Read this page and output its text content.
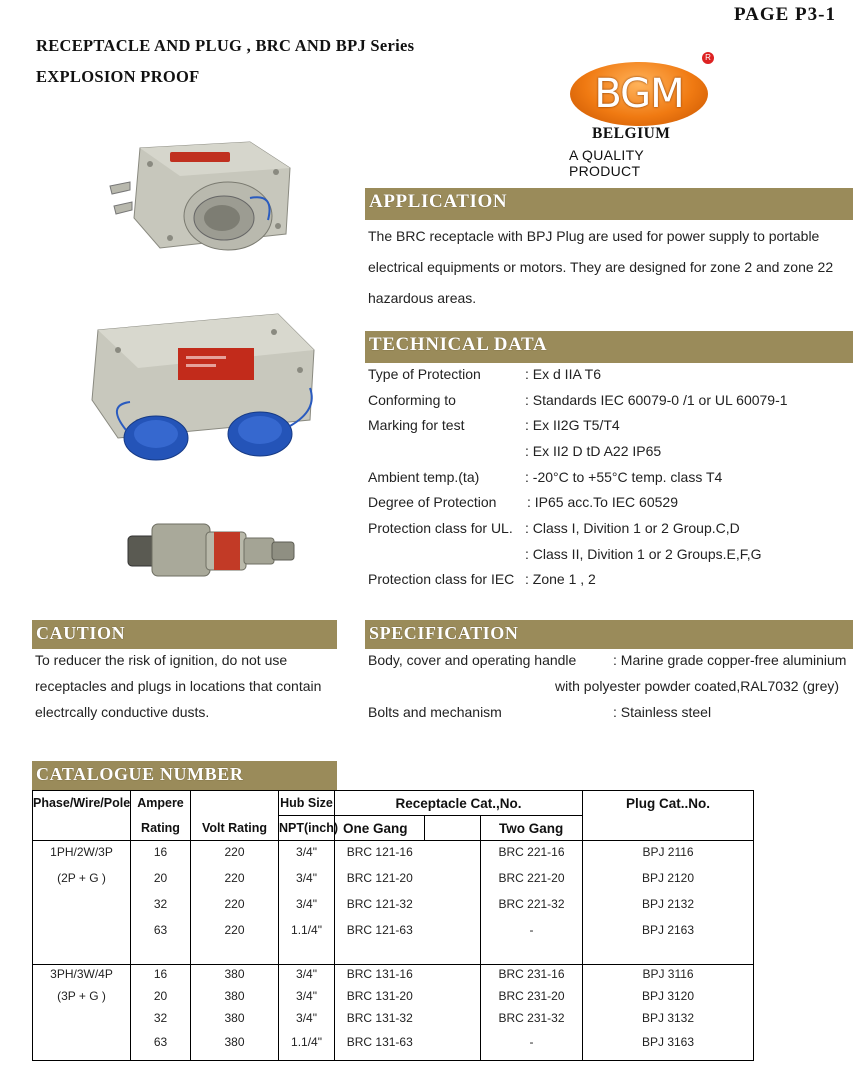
PAGE P3-1
RECEPTACLE AND PLUG , BRC AND BPJ Series
EXPLOSION PROOF	BGM
R
BELGIUM
A QUALITY PRODUCT
APPLICATION
The BRC receptacle with BPJ Plug are used for power supply to portable
electrical equipments or motors. They are designed for zone 2 and zone 22
hazardous areas.
TECHNICAL DATA
Type of Protection	: Ex d IIA T6
Conforming to	: Standards IEC 60079-0 /1 or UL 60079-1
Marking for test	: Ex II2G T5/T4
: Ex II2 D tD A22 IP65
Ambient temp.(ta)	: -20°C to +55°C temp. class T4
Degree of Protection : IP65 acc.To IEC 60529
Protection class for UL. : Class I, Divition 1 or 2 Group.C,D
: Class II, Divition 1 or 2 Groups.E,F,G
Protection class for IEC : Zone 1 , 2
CAUTION
To reducer the risk of ignition, do not use
receptacles and plugs in locations that contain
electrcally conductive dusts.
SPECIFICATION
Body, cover and operating handle	: Marine grade copper-free aluminium
with polyester powder coated,RAL7032 (grey)
Bolts and mechanism	: Stainless steel
CATALOGUE NUMBER
Phase/Wire/Pole	Ampere		Hub Size	Receptacle Cat.,No.			Plug Cat..No.
	Rating	Volt Rating	NPT(inch)	One Gang		Two Gang	
1PH/2W/3P	16	220	3/4"	BRC 121-16		BRC 221-16	BPJ 2116
(2P + G )	20	220	3/4"	BRC 121-20		BRC 221-20	BPJ 2120
	32	220	3/4"	BRC 121-32		BRC 221-32	BPJ 2132
	63	220	1.1/4"	BRC 121-63		-	BPJ 2163
3PH/3W/4P	16	380	3/4"	BRC 131-16		BRC 231-16	BPJ 3116
(3P + G )	20	380	3/4"	BRC 131-20		BRC 231-20	BPJ 3120
	32	380	3/4"	BRC 131-32		BRC 231-32	BPJ 3132
	63	380	1.1/4"	BRC 131-63		-	BPJ 3163
